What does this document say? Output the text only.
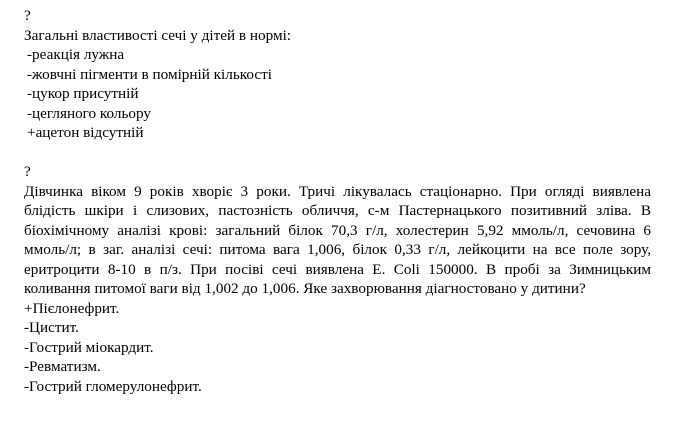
?
Загальні властивості сечі у дітей в нормі:
-реакція лужна
-жовчні пігменти в помірній кількості
-цукор присутній
-цегляного кольору
+ацетон відсутній
?
Дівчинка віком 9 років хворіє 3 роки. Тричі лікувалась стаціонарно. При огляді виявлена блідість шкіри і слизових, пастозність обличчя, с-м Пастернацького позитивний зліва. В біохімічному аналізі крові: загальний білок 70,3 г/л, холестерин 5,92 ммоль/л, сечовина 6 ммоль/л; в заг. аналізі сечі: питома вага 1,006, білок 0,33 г/л, лейкоцити на все поле зору, еритроцити 8-10 в п/з. При посіві сечі виявлена E. Coli 150000. В пробі за Зимницьким коливання питомої ваги від 1,002 до 1,006. Яке захворювання діагностовано у дитини?
+Пієлонефрит.
-Цистит.
-Гострий міокардит.
-Ревматизм.
-Гострий гломерулонефрит.
